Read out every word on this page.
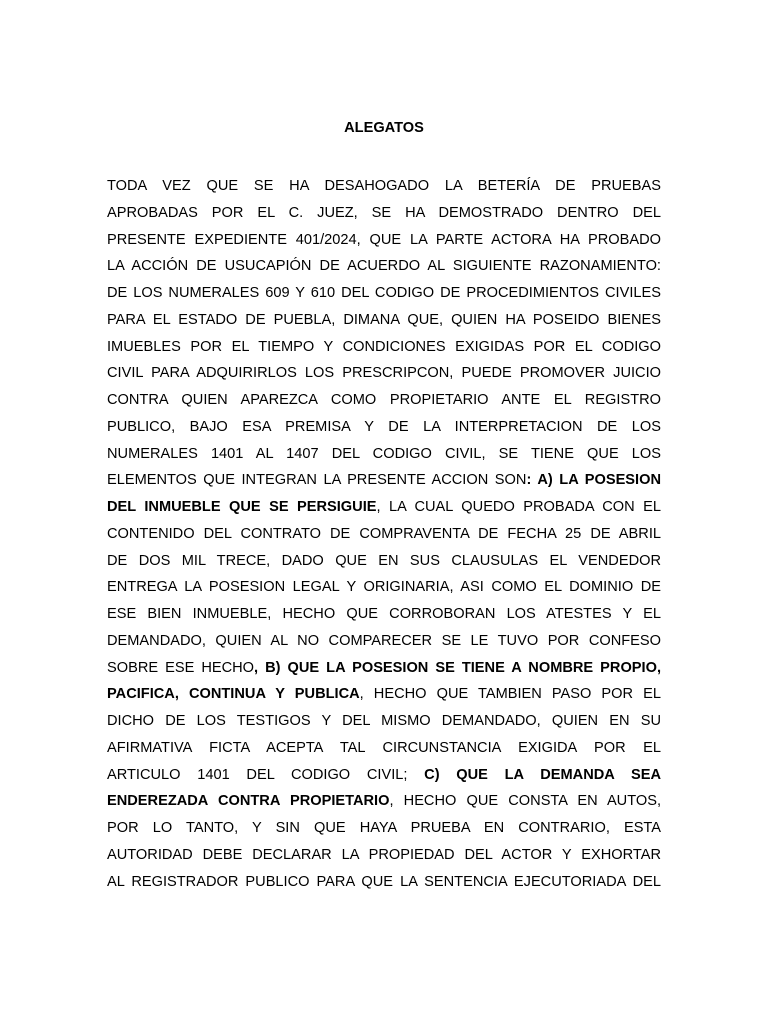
ALEGATOS
TODA VEZ QUE SE HA DESAHOGADO LA BETERÍA DE PRUEBAS
APROBADAS POR EL C. JUEZ, SE HA DEMOSTRADO DENTRO DEL
PRESENTE EXPEDIENTE 401/2024, QUE LA PARTE ACTORA HA PROBADO
LA ACCIÓN DE USUCAPIÓN DE ACUERDO AL SIGUIENTE RAZONAMIENTO:
DE LOS NUMERALES 609 Y 610 DEL CODIGO DE PROCEDIMIENTOS CIVILES
PARA EL ESTADO DE PUEBLA, DIMANA QUE, QUIEN HA POSEIDO BIENES
IMUEBLES POR EL TIEMPO Y CONDICIONES EXIGIDAS POR EL CODIGO
CIVIL PARA ADQUIRIRLOS LOS PRESCRIPCON, PUEDE PROMOVER JUICIO
CONTRA QUIEN APAREZCA COMO PROPIETARIO ANTE EL REGISTRO
PUBLICO, BAJO ESA PREMISA Y DE LA INTERPRETACION DE LOS
NUMERALES 1401 AL 1407 DEL CODIGO CIVIL, SE TIENE QUE LOS
ELEMENTOS QUE INTEGRAN LA PRESENTE ACCION SON: A) LA POSESION
DEL INMUEBLE QUE SE PERSIGUIE, LA CUAL QUEDO PROBADA CON EL
CONTENIDO DEL CONTRATO DE COMPRAVENTA DE FECHA 25 DE ABRIL
DE DOS MIL TRECE, DADO QUE EN SUS CLAUSULAS EL VENDEDOR
ENTREGA LA POSESION LEGAL Y ORIGINARIA, ASI COMO EL DOMINIO DE
ESE BIEN INMUEBLE, HECHO QUE CORROBORAN LOS ATESTES Y EL
DEMANDADO, QUIEN AL NO COMPARECER SE LE TUVO POR CONFESO
SOBRE ESE HECHO, B) QUE LA POSESION SE TIENE A NOMBRE PROPIO,
PACIFICA, CONTINUA Y PUBLICA, HECHO QUE TAMBIEN PASO POR EL
DICHO DE LOS TESTIGOS Y DEL MISMO DEMANDADO, QUIEN EN SU
AFIRMATIVA FICTA ACEPTA TAL CIRCUNSTANCIA EXIGIDA POR EL
ARTICULO 1401 DEL CODIGO CIVIL; C) QUE LA DEMANDA SEA
ENDEREZADA CONTRA PROPIETARIO, HECHO QUE CONSTA EN AUTOS,
POR LO TANTO, Y SIN QUE HAYA PRUEBA EN CONTRARIO, ESTA
AUTORIDAD DEBE DECLARAR LA PROPIEDAD DEL ACTOR Y EXHORTAR
AL REGISTRADOR PUBLICO PARA QUE LA SENTENCIA EJECUTORIADA DEL
